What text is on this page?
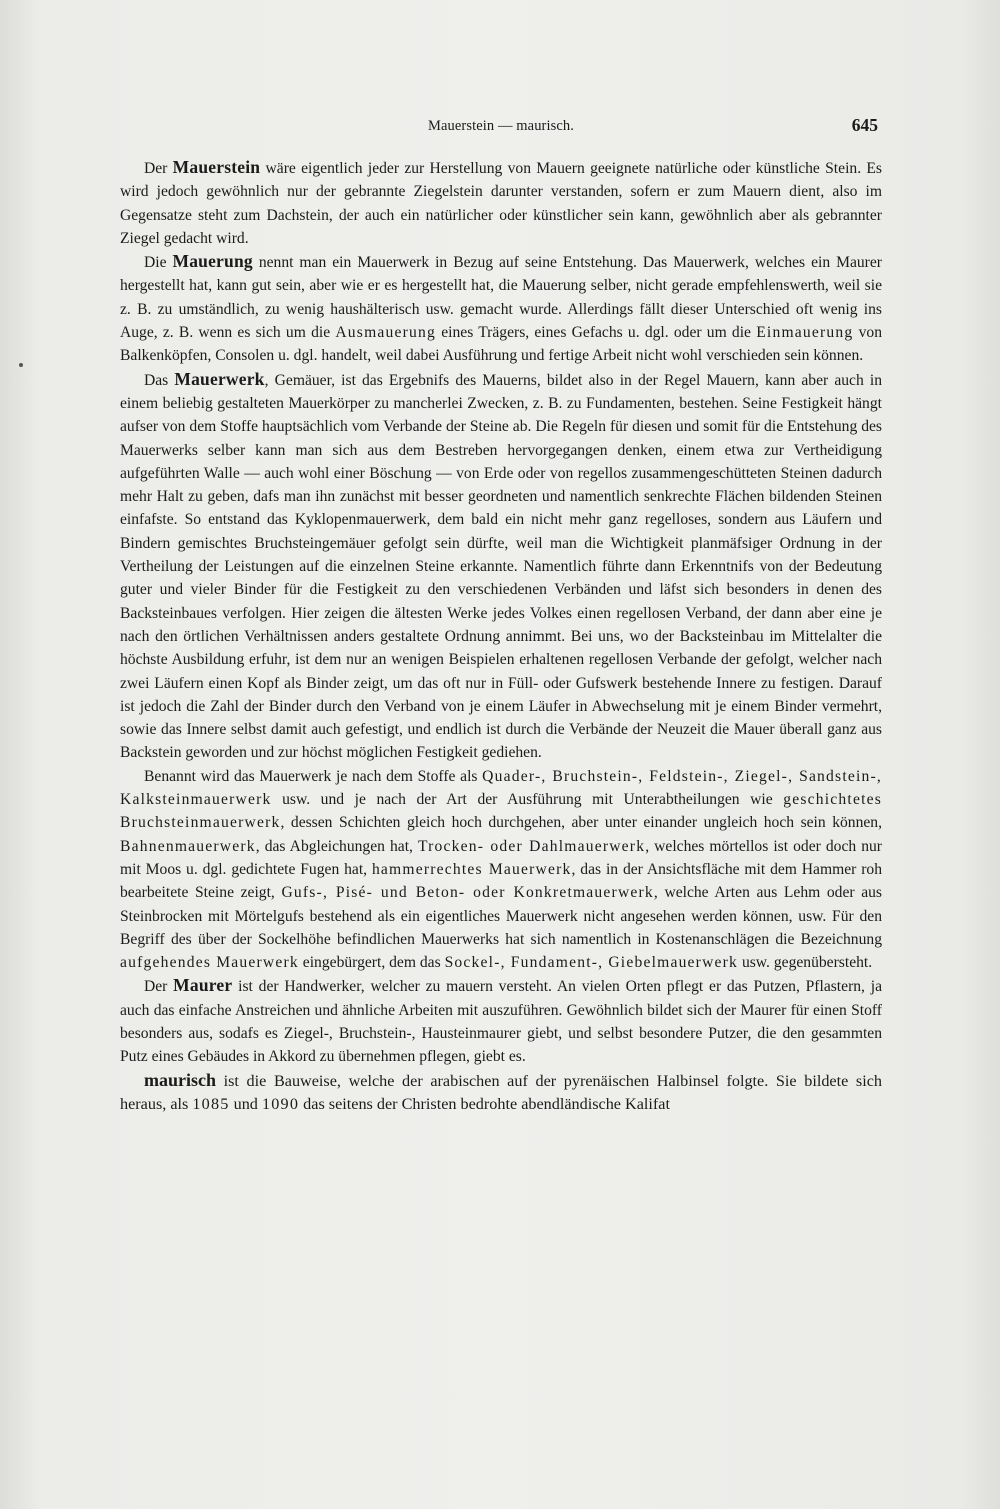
Mauerstein — maurisch.	645

Der Mauerstein wäre eigentlich jeder zur Herstellung von Mauern geeignete natürliche oder künstliche Stein. Es wird jedoch gewöhnlich nur der gebrannte Ziegelstein darunter verstanden, sofern er zum Mauern dient, also im Gegensatze steht zum Dachstein, der auch ein natürlicher oder künstlicher sein kann, gewöhnlich aber als gebrannter Ziegel gedacht wird.

Die Mauerung nennt man ein Mauerwerk in Bezug auf seine Entstehung. Das Mauerwerk, welches ein Maurer hergestellt hat, kann gut sein, aber wie er es hergestellt hat, die Mauerung selber, nicht gerade empfehlenswerth, weil sie z. B. zu umständlich, zu wenig haushälterisch usw. gemacht wurde. Allerdings fällt dieser Unterschied oft wenig ins Auge, z. B. wenn es sich um die Ausmauerung eines Trägers, eines Gefachs u. dgl. oder um die Einmauerung von Balkenköpfen, Consolen u. dgl. handelt, weil dabei Ausführung und fertige Arbeit nicht wohl verschieden sein können.

Das Mauerwerk, Gemäuer, ist das Ergebnifs des Mauerns, bildet also in der Regel Mauern, kann aber auch in einem beliebig gestalteten Mauerkörper zu mancherlei Zwecken, z. B. zu Fundamenten, bestehen. Seine Festigkeit hängt aufser von dem Stoffe hauptsächlich vom Verbande der Steine ab. Die Regeln für diesen und somit für die Entstehung des Mauerwerks selber kann man sich aus dem Bestreben hervorgegangen denken, einem etwa zur Vertheidigung aufgeführten Walle — auch wohl einer Böschung — von Erde oder von regellos zusammengeschütteten Steinen dadurch mehr Halt zu geben, dafs man ihn zunächst mit besser geordneten und namentlich senkrechte Flächen bildenden Steinen einfafste. So entstand das Kyklopenmauerwerk, dem bald ein nicht mehr ganz regelloses, sondern aus Läufern und Bindern gemischtes Bruchsteingemäuer gefolgt sein dürfte, weil man die Wichtigkeit planmäfsiger Ordnung in der Vertheilung der Leistungen auf die einzelnen Steine erkannte. Namentlich führte dann Erkenntnifs von der Bedeutung guter und vieler Binder für die Festigkeit zu den verschiedenen Verbänden und läfst sich besonders in denen des Backsteinbaues verfolgen. Hier zeigen die ältesten Werke jedes Volkes einen regellosen Verband, der dann aber eine je nach den örtlichen Verhältnissen anders gestaltete Ordnung annimmt. Bei uns, wo der Backsteinbau im Mittelalter die höchste Ausbildung erfuhr, ist dem nur an wenigen Beispielen erhaltenen regellosen Verbande der gefolgt, welcher nach zwei Läufern einen Kopf als Binder zeigt, um das oft nur in Füll- oder Gufswerk bestehende Innere zu festigen. Darauf ist jedoch die Zahl der Binder durch den Verband von je einem Läufer in Abwechselung mit je einem Binder vermehrt, sowie das Innere selbst damit auch gefestigt, und endlich ist durch die Verbände der Neuzeit die Mauer überall ganz aus Backstein geworden und zur höchst möglichen Festigkeit gediehen.

Benannt wird das Mauerwerk je nach dem Stoffe als Quader-, Bruchstein-, Feldstein-, Ziegel-, Sandstein-, Kalksteinmauerwerk usw. und je nach der Art der Ausführung mit Unterabtheilungen wie geschichtetes Bruchsteinmauerwerk, dessen Schichten gleich hoch durchgehen, aber unter einander ungleich hoch sein können, Bahnenmauerwerk, das Abgleichungen hat, Trocken- oder Dahlmauerwerk, welches mörtellos ist oder doch nur mit Moos u. dgl. gedichtete Fugen hat, hammerrechtes Mauerwerk, das in der Ansichtsfläche mit dem Hammer roh bearbeitete Steine zeigt, Gufs-, Pisé- und Beton- oder Konkretmauerwerk, welche Arten aus Lehm oder aus Steinbrocken mit Mörtelgufs bestehend als ein eigentliches Mauerwerk nicht angesehen werden können, usw. Für den Begriff des über der Sockelhöhe befindlichen Mauerwerks hat sich namentlich in Kostenanschlägen die Bezeichnung aufgehendes Mauerwerk eingebürgert, dem das Sockel-, Fundament-, Giebelmauerwerk usw. gegenübersteht.

Der Maurer ist der Handwerker, welcher zu mauern versteht. An vielen Orten pflegt er das Putzen, Pflastern, ja auch das einfache Anstreichen und ähnliche Arbeiten mit auszuführen. Gewöhnlich bildet sich der Maurer für einen Stoff besonders aus, sodafs es Ziegel-, Bruchstein-, Hausteinmaurer giebt, und selbst besondere Putzer, die den gesammten Putz eines Gebäudes in Akkord zu übernehmen pflegen, giebt es.

maurisch ist die Bauweise, welche der arabischen auf der pyrenäischen Halbinsel folgte. Sie bildete sich heraus, als 1085 und 1090 das seitens der Christen bedrohte abendländische Kalifat
